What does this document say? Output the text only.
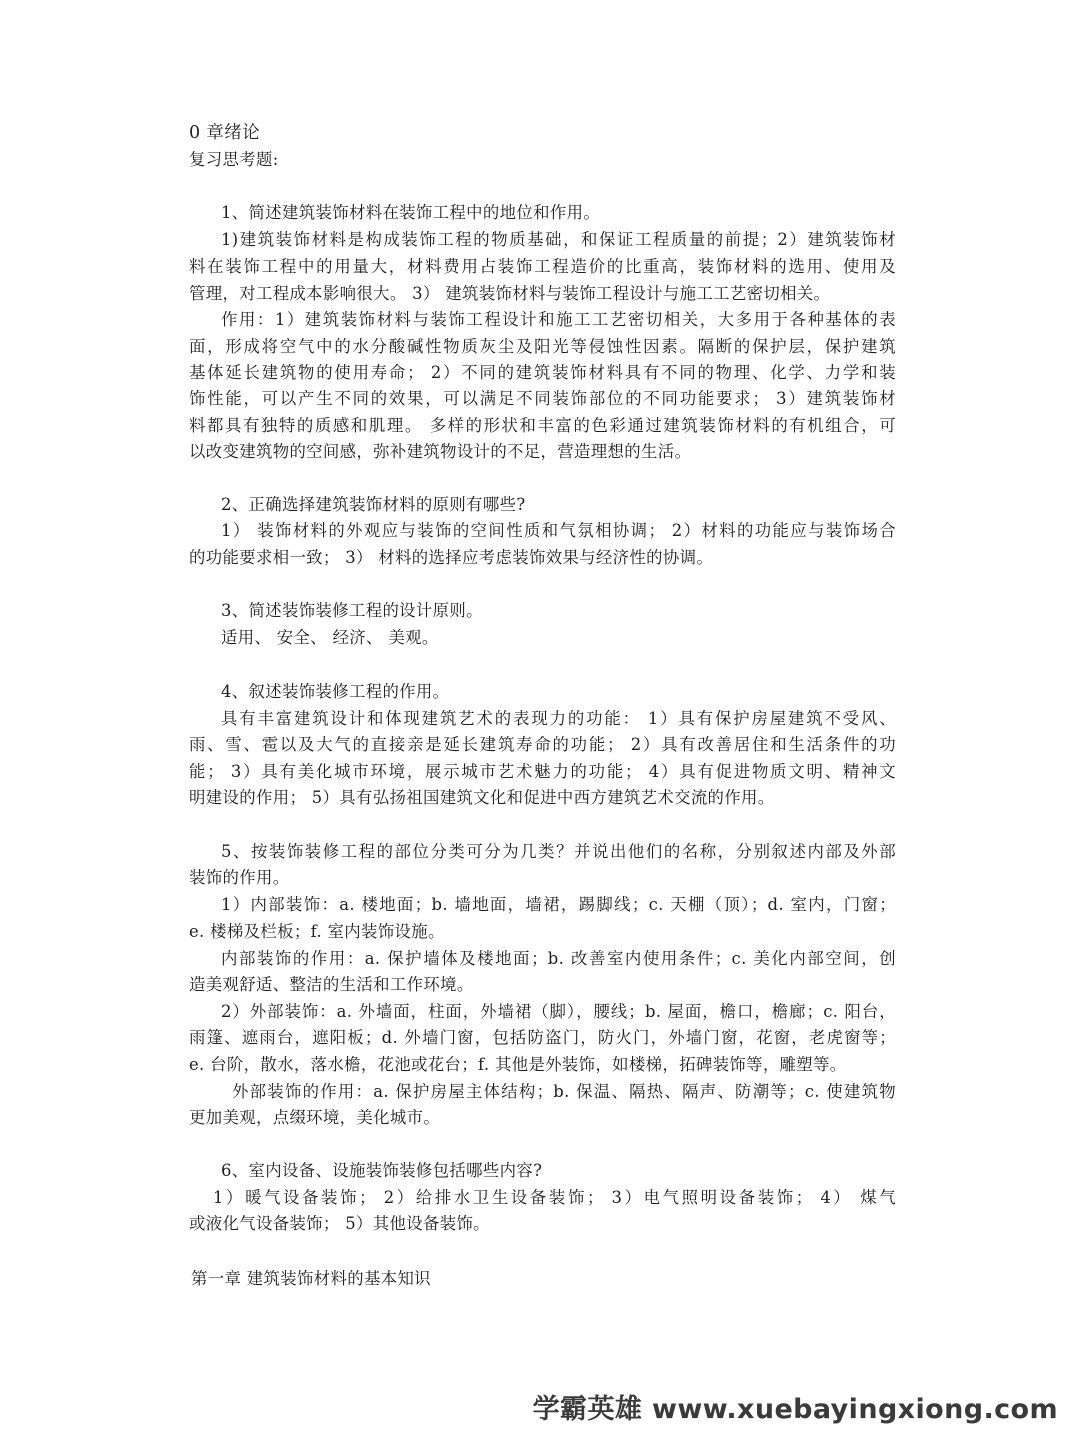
0 章绪论
复习思考题:
1、简述建筑装饰材料在装饰工程中的地位和作用。
1)建筑装饰材料是构成装饰工程的物质基础，和保证工程质量的前提；2）建筑装饰材
料在装饰工程中的用量大，材料费用占装饰工程造价的比重高，装饰材料的选用、使用及
管理，对工程成本影响很大。 3） 建筑装饰材料与装饰工程设计与施工工艺密切相关。
作用：1）建筑装饰材料与装饰工程设计和施工工艺密切相关，大多用于各种基体的表
面，形成将空气中的水分酸碱性物质灰尘及阳光等侵蚀性因素。隔断的保护层，保护建筑
基体延长建筑物的使用寿命； 2）不同的建筑装饰材料具有不同的物理、化学、力学和装
饰性能，可以产生不同的效果，可以满足不同装饰部位的不同功能要求； 3）建筑装饰材
料都具有独特的质感和肌理。 多样的形状和丰富的色彩通过建筑装饰材料的有机组合，可
以改变建筑物的空间感，弥补建筑物设计的不足，营造理想的生活。
2、正确选择建筑装饰材料的原则有哪些?
1） 装饰材料的外观应与装饰的空间性质和气氛相协调； 2）材料的功能应与装饰场合
的功能要求相一致； 3） 材料的选择应考虑装饰效果与经济性的协调。
3、简述装饰装修工程的设计原则。
适用、 安全、 经济、 美观。
4、叙述装饰装修工程的作用。
具有丰富建筑设计和体现建筑艺术的表现力的功能： 1）具有保护房屋建筑不受风、
雨、雪、雹以及大气的直接亲是延长建筑寿命的功能； 2）具有改善居住和生活条件的功
能； 3）具有美化城市环境，展示城市艺术魅力的功能； 4）具有促进物质文明、精神文
明建设的作用； 5）具有弘扬祖国建筑文化和促进中西方建筑艺术交流的作用。
5、按装饰装修工程的部位分类可分为几类？并说出他们的名称，分别叙述内部及外部
装饰的作用。
1）内部装饰：a. 楼地面；b. 墙地面，墙裙，踢脚线；c. 天棚（顶）；d. 室内，门窗；
e. 楼梯及栏板；f. 室内装饰设施。
内部装饰的作用：a. 保护墙体及楼地面；b. 改善室内使用条件；c. 美化内部空间，创
造美观舒适、整洁的生活和工作环境。
2）外部装饰：a. 外墙面，柱面，外墙裙（脚），腰线；b. 屋面，檐口，檐廊；c. 阳台，
雨篷、遮雨台，遮阳板；d. 外墙门窗，包括防盗门，防火门，外墙门窗，花窗，老虎窗等；
e. 台阶，散水，落水檐，花池或花台；f. 其他是外装饰，如楼梯，拓碑装饰等，雕塑等。
外部装饰的作用：a. 保护房屋主体结构；b. 保温、隔热、隔声、防潮等；c. 使建筑物
更加美观，点缀环境，美化城市。
6、室内设备、设施装饰装修包括哪些内容?
1）暖气设备装饰； 2）给排水卫生设备装饰； 3）电气照明设备装饰； 4） 煤气
或液化气设备装饰； 5）其他设备装饰。
第一章 建筑装饰材料的基本知识
学霸英雄 www.xuebayingxiong.com
